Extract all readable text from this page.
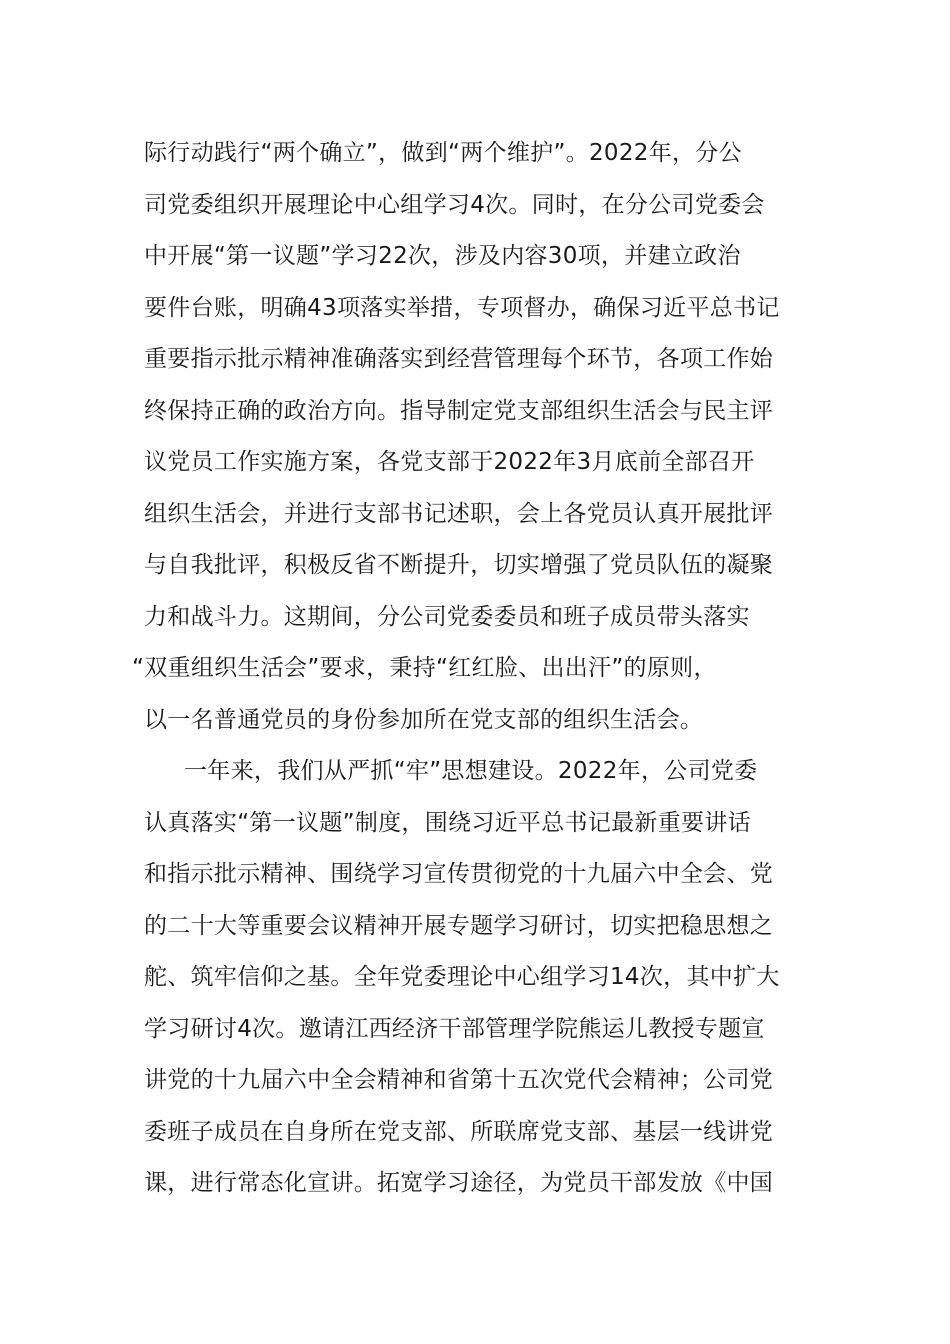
际行动践行“两个确立”，做到“两个维护”。2022年，分公
司党委组织开展理论中心组学习4次。同时，在分公司党委会
中开展“第一议题”学习22次，涉及内容30项，并建立政治
要件台账，明确43项落实举措，专项督办，确保习近平总书记
重要指示批示精神准确落实到经营管理每个环节，各项工作始
终保持正确的政治方向。指导制定党支部组织生活会与民主评
议党员工作实施方案，各党支部于2022年3月底前全部召开
组织生活会，并进行支部书记述职，会上各党员认真开展批评
与自我批评，积极反省不断提升，切实增强了党员队伍的凝聚
力和战斗力。这期间，分公司党委委员和班子成员带头落实
“双重组织生活会”要求，秉持“红红脸、出出汗”的原则，
以一名普通党员的身份参加所在党支部的组织生活会。
一年来，我们从严抓“牢”思想建设。2022年，公司党委
认真落实“第一议题”制度，围绕习近平总书记最新重要讲话
和指示批示精神、围绕学习宣传贯彻党的十九届六中全会、党
的二十大等重要会议精神开展专题学习研讨，切实把稳思想之
舵、筑牢信仰之基。全年党委理论中心组学习14次，其中扩大
学习研讨4次。邀请江西经济干部管理学院熊运儿教授专题宣
讲党的十九届六中全会精神和省第十五次党代会精神；公司党
委班子成员在自身所在党支部、所联席党支部、基层一线讲党
课，进行常态化宣讲。拓宽学习途径，为党员干部发放《中国
